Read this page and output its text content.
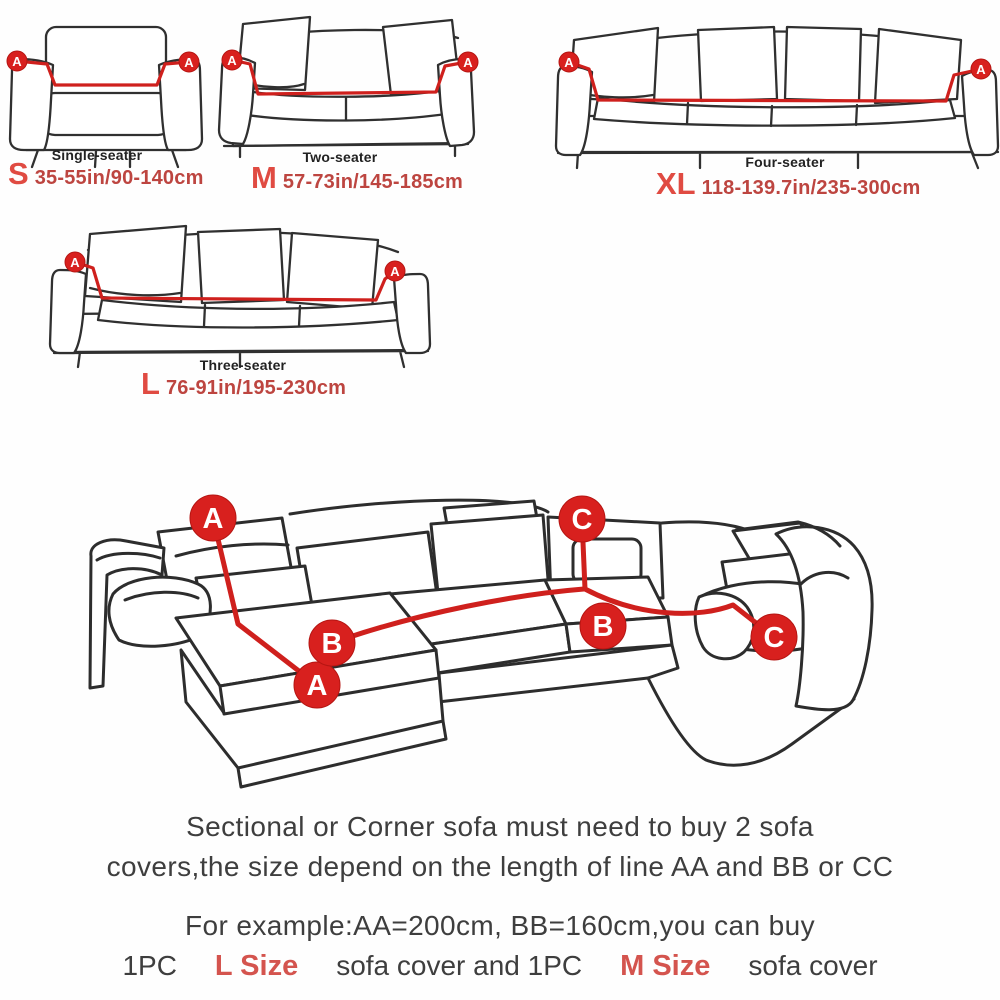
A	A	A	A	A	A
A
A
A
A
B
B
C
C
Single-seater
S 35-55in/90-140cm
Two-seater
M 57-73in/145-185cm
Four-seater
XL 118-139.7in/235-300cm
Three-seater
L 76-91in/195-230cm
Sectional or Corner sofa must need to buy 2 sofa
covers,the size depend on the length of line AA and BB or CC
For example:AA=200cm, BB=160cm,you can buy
1PC L Size sofa cover and 1PC M Size sofa cover
